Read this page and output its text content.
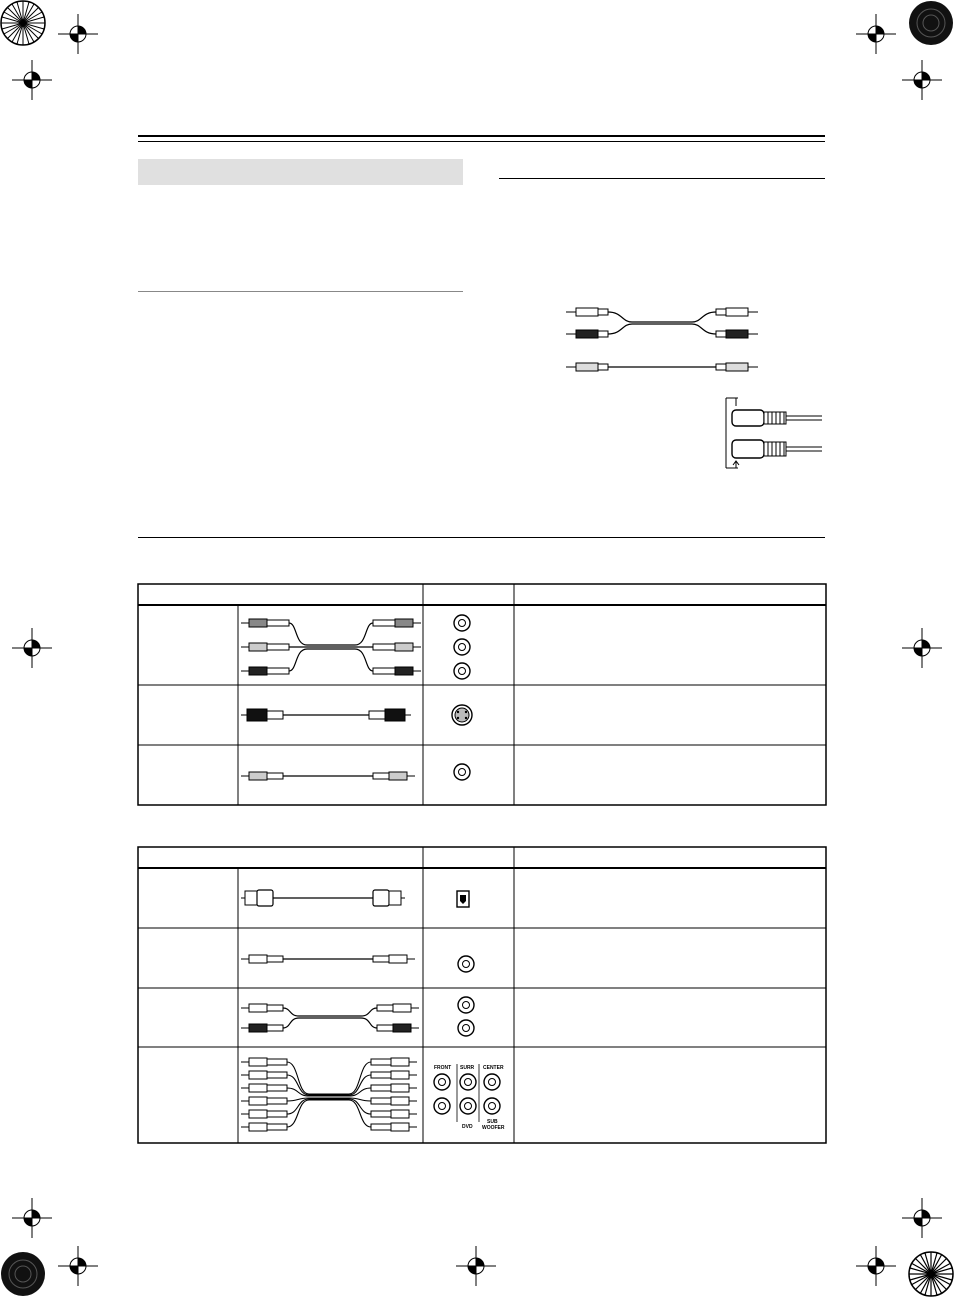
FRONT SURR CENTER
SUB
WOOFER
DVD
